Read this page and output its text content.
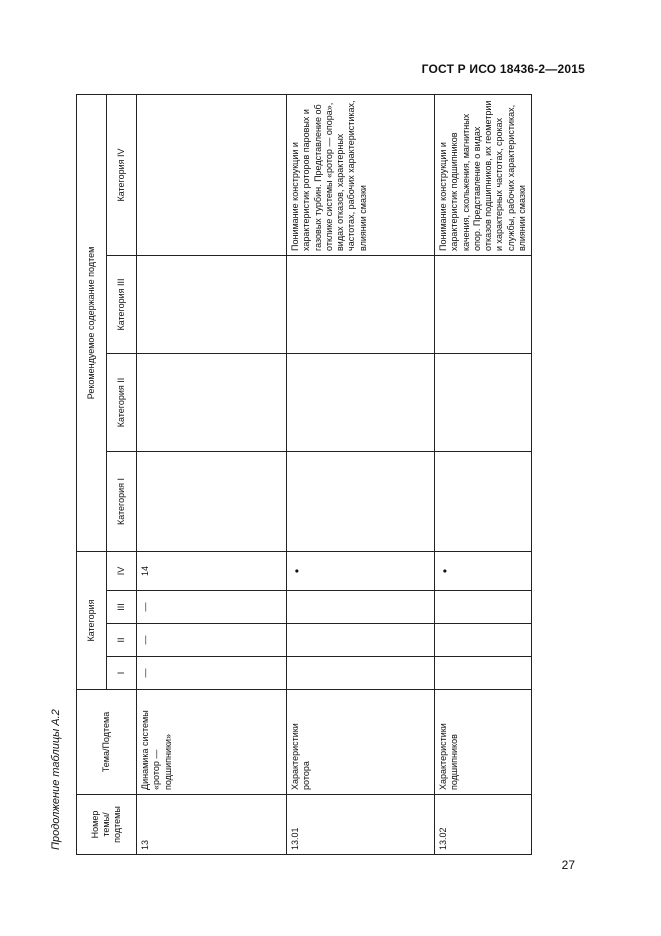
ГОСТ Р ИСО 18436-2—2015
Продолжение таблицы А.2	Номер темы/ подтемы	Тема/Подтема	Категория				Рекомендуемое содержание подтем			
		I	II	III	IV	Категория I	Категория II	Категория III	Категория IV
13	Динамика системы «ротор — подшипники»	—	—	—	14				
13.01	Характеристики ротора				•				Понимание конструкции и характеристик роторов паровых и газовых турбин. Представление об отклике системы «ротор — опора», видах отказов, характерных частотах, рабочих характеристиках, влиянии смазки
13.02	Характеристики подшипников				•				Понимание конструкции и характеристик подшипников качения, скольжения, магнитных опор. Представление о видах отказов подшипников, их геометрии и характерных частотах, сроках службы, рабочих характеристиках, влиянии смазки
27
